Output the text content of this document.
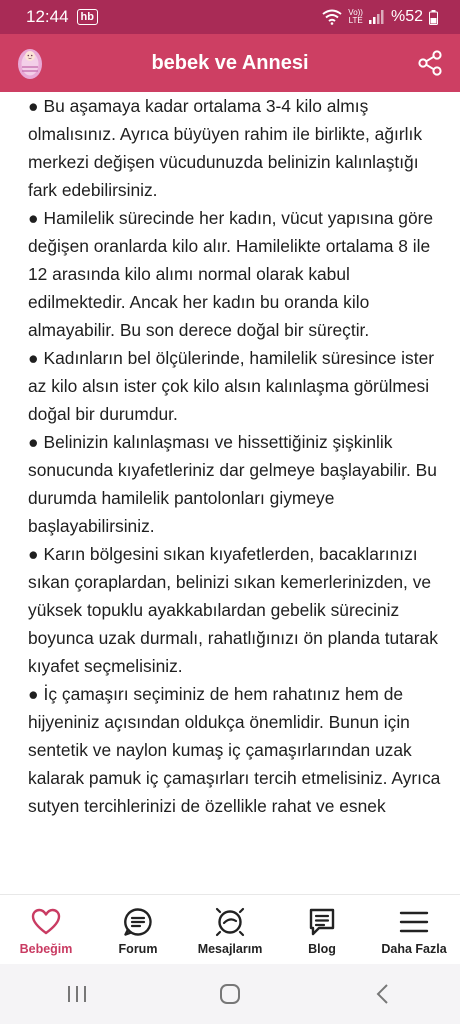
12:44	hb	Vo))
LTE %52
bebek ve Annesi

● Bu aşamaya kadar ortalama 3-4 kilo almış olmalısınız. Ayrıca büyüyen rahim ile birlikte, ağırlık merkezi değişen vücudunuzda belinizin kalınlaştığı fark edebilirsiniz.

● Hamilelik sürecinde her kadın, vücut yapısına göre değişen oranlarda kilo alır. Hamilelikte ortalama 8 ile 12 arasında kilo alımı normal olarak kabul edilmektedir. Ancak her kadın bu oranda kilo almayabilir. Bu son derece doğal bir süreçtir.

● Kadınların bel ölçülerinde, hamilelik süresince ister az kilo alsın ister çok kilo alsın kalınlaşma görülmesi doğal bir durumdur.

● Belinizin kalınlaşması ve hissettiğiniz şişkinlik sonucunda kıyafetleriniz dar gelmeye başlayabilir. Bu durumda hamilelik pantolonları giymeye başlayabilirsiniz.

● Karın bölgesini sıkan kıyafetlerden, bacaklarınızı sıkan çoraplardan, belinizi sıkan kemerlerinizden, ve yüksek topuklu ayakkabılardan gebelik süreciniz boyunca uzak durmalı, rahatlığınızı ön planda tutarak kıyafet seçmelisiniz.

● İç çamaşırı seçiminiz de hem rahatınız hem de hijyeniniz açısından oldukça önemlidir. Bunun için sentetik ve naylon kumaş iç çamaşırlarından uzak kalarak pamuk iç çamaşırları tercih etmelisiniz. Ayrıca sutyen tercihlerinizi de özellikle rahat ve esnek

Bebeğim	Forum	Mesajlarım	Blog	Daha Fazla
